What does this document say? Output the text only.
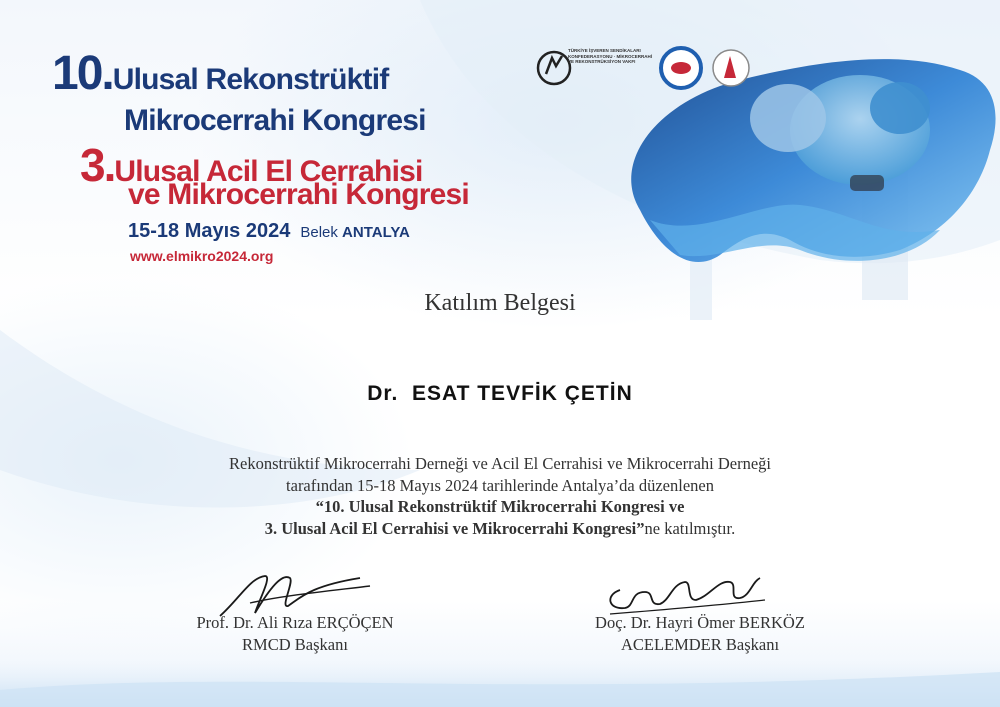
TÜRKİYE İŞVEREN SENDİKALARI KONFEDERASYONU · MİKROCERRAHİ VE REKONSTRÜKSİYON VAKFI
10.Ulusal Rekonstrüktif
Mikrocerrahi Kongresi
3.Ulusal Acil El Cerrahisi
ve Mikrocerrahi Kongresi
15-18 Mayıs 2024 Belek ANTALYA
www.elmikro2024.org
Katılım Belgesi
Dr.  ESAT TEVFİK ÇETİN
Rekonstrüktif Mikrocerrahi Derneği ve Acil El Cerrahisi ve Mikrocerrahi Derneği
tarafından 15-18 Mayıs 2024 tarihlerinde Antalya’da düzenlenen
“10. Ulusal Rekonstrüktif Mikrocerrahi Kongresi ve
3. Ulusal Acil El Cerrahisi ve Mikrocerrahi Kongresi”ne katılmıştır.
Prof. Dr. Ali Rıza ERÇÖÇEN
RMCD Başkanı
Doç. Dr. Hayri Ömer BERKÖZ
ACELEMDER Başkanı
